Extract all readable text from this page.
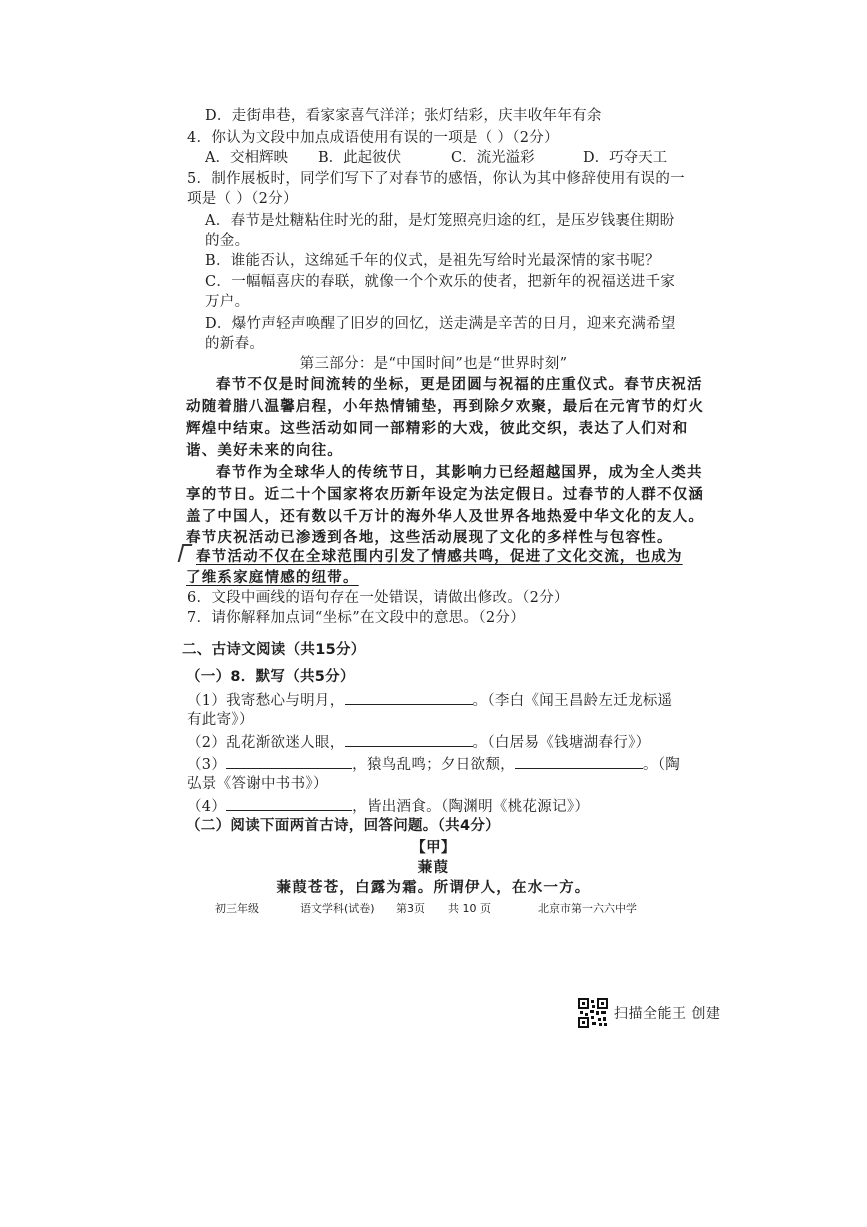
D．走街串巷，看家家喜气洋洋；张灯结彩，庆丰收年年有余
4．你认为文段中加点成语使用有误的一项是（ ）（2分）
A．交相辉映 B．此起彼伏	C．流光溢彩	D．巧夺天工
5．制作展板时，同学们写下了对春节的感悟，你认为其中修辞使用有误的一
项是（ ）（2分）
A．春节是灶糖粘住时光的甜，是灯笼照亮归途的红，是压岁钱裹住期盼
的金。
B．谁能否认，这绵延千年的仪式，是祖先写给时光最深情的家书呢？
C．一幅幅喜庆的春联，就像一个个欢乐的使者，把新年的祝福送进千家
万户。
D．爆竹声轻声唤醒了旧岁的回忆，送走满是辛苦的日月，迎来充满希望
的新春。
第三部分：是“中国时间”也是“世界时刻”
春节不仅是时间流转的坐标，更是团圆与祝福的庄重仪式。春节庆祝活
动随着腊八温馨启程，小年热情铺垫，再到除夕欢聚，最后在元宵节的灯火
辉煌中结束。这些活动如同一部精彩的大戏，彼此交织，表达了人们对和
谐、美好未来的向往。
春节作为全球华人的传统节日，其影响力已经超越国界，成为全人类共
享的节日。近二十个国家将农历新年设定为法定假日。过春节的人群不仅涵
盖了中国人，还有数以千万计的海外华人及世界各地热爱中华文化的友人。
春节庆祝活动已渗透到各地，这些活动展现了文化的多样性与包容性。
春节活动不仅在全球范围内引发了情感共鸣，促进了文化交流，也成为
了维系家庭情感的纽带。
6．文段中画线的语句存在一处错误，请做出修改。（2分）
7．请你解释加点词“坐标”在文段中的意思。（2分）
二、古诗文阅读（共15分）
（一）8．默写（共5分）
（1）我寄愁心与明月，	。（李白《闻王昌龄左迁龙标遥
有此寄》）
（2）乱花渐欲迷人眼，	。（白居易《钱塘湖春行》）
（3）	，猿鸟乱鸣；夕日欲颓，	。（陶
弘景《答谢中书书》）
（4）	，皆出酒食。（陶渊明《桃花源记》）
（二）阅读下面两首古诗，回答问题。（共4分）
【甲】
蒹葭
蒹葭苍苍，白露为霜。所谓伊人，在水一方。
初三年级	语文学科(试卷) 第3页 共 10 页	北京市第一六六中学
扫描全能王 创建
